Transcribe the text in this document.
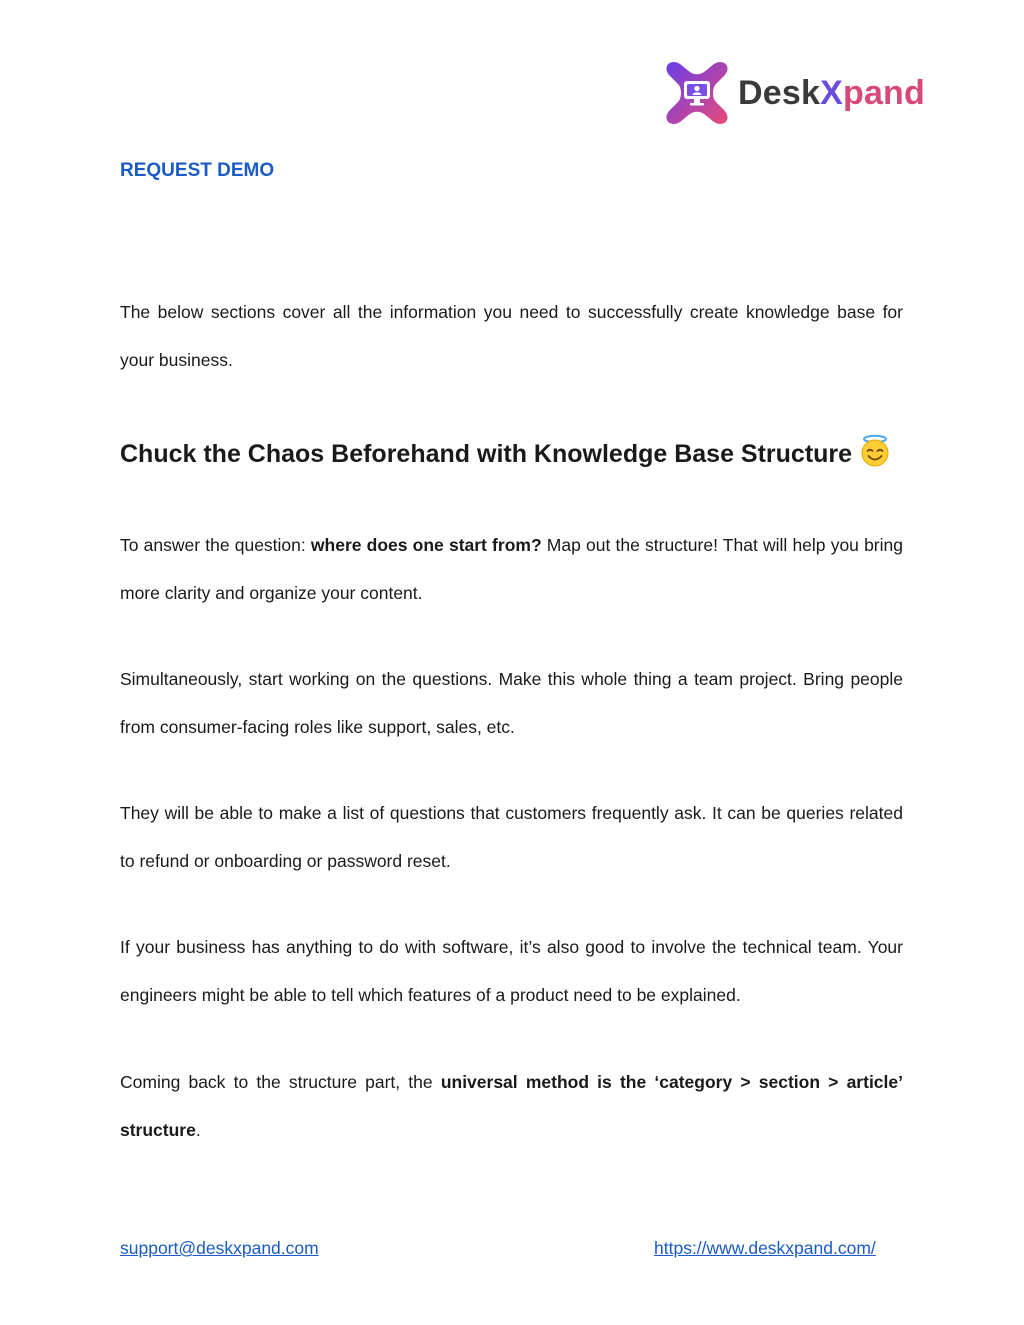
DeskXpand
REQUEST DEMO

The below sections cover all the information you need to successfully create knowledge base for your business.

Chuck the Chaos Beforehand with Knowledge Base Structure

To answer the question: where does one start from? Map out the structure! That will help you bring more clarity and organize your content.

Simultaneously, start working on the questions. Make this whole thing a team project. Bring people from consumer-facing roles like support, sales, etc.

They will be able to make a list of questions that customers frequently ask. It can be queries related to refund or onboarding or password reset.

If your business has anything to do with software, it’s also good to involve the technical team. Your engineers might be able to tell which features of a product need to be explained.

Coming back to the structure part, the universal method is the ‘category > section > article’ structure.

support@deskxpand.com	https://www.deskxpand.com/
